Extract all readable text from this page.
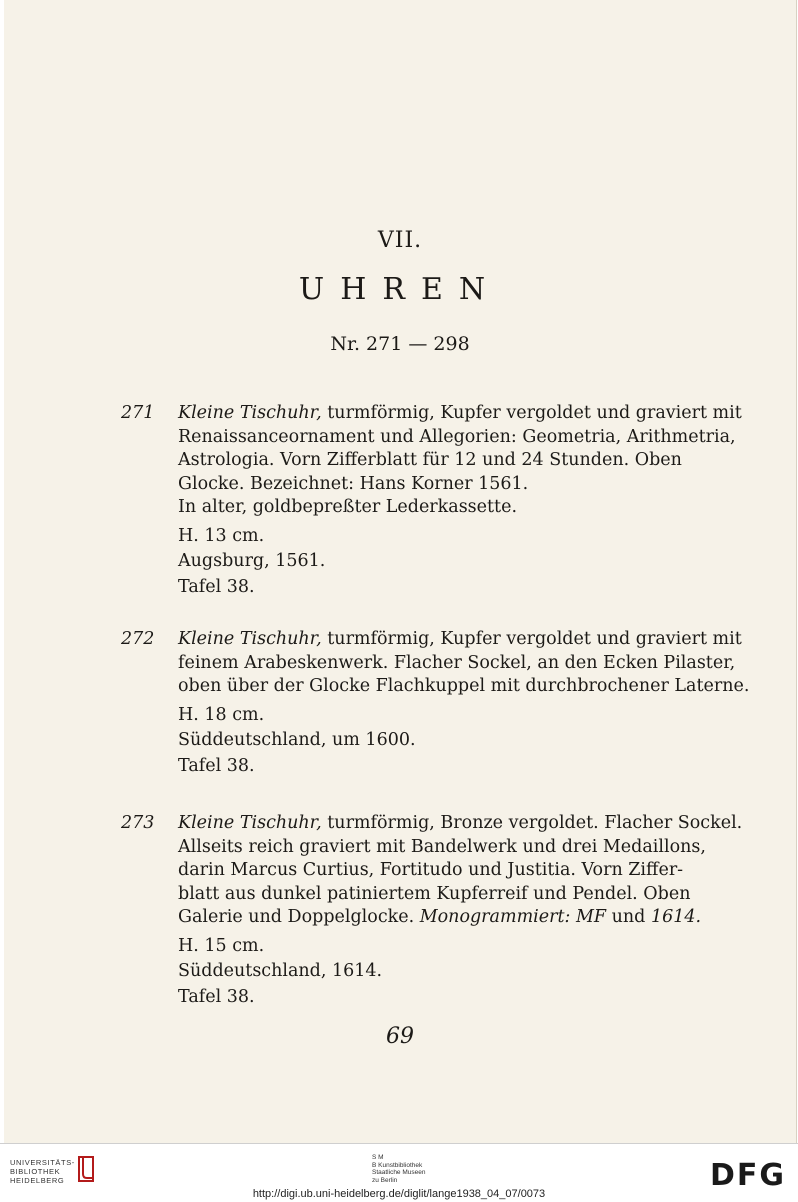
VII.
UHREN
Nr. 271 — 298
271 Kleine Tischuhr, turmförmig, Kupfer vergoldet und graviert mit
Renaissanceornament und Allegorien: Geometria, Arithmetria,
Astrologia. Vorn Zifferblatt für 12 und 24 Stunden. Oben
Glocke. Bezeichnet: Hans Korner 1561.
In alter, goldbepreßter Lederkassette.
H. 13 cm.
Augsburg, 1561.
Tafel 38.
272 Kleine Tischuhr, turmförmig, Kupfer vergoldet und graviert mit
feinem Arabeskenwerk. Flacher Sockel, an den Ecken Pilaster,
oben über der Glocke Flachkuppel mit durchbrochener Laterne.
H. 18 cm.
Süddeutschland, um 1600.
Tafel 38.
273 Kleine Tischuhr, turmförmig, Bronze vergoldet. Flacher Sockel.
Allseits reich graviert mit Bandelwerk und drei Medaillons,
darin Marcus Curtius, Fortitudo und Justitia. Vorn Ziffer-
blatt aus dunkel patiniertem Kupferreif und Pendel. Oben
Galerie und Doppelglocke. Monogrammiert: MF und 1614.
H. 15 cm.
Süddeutschland, 1614.
Tafel 38.
69
UNIVERSITÄTS-
BIBLIOTHEK
HEIDELBERG
S M
B Kunstbibliothek
Staatliche Museen
zu Berlin	DFG
http://digi.ub.uni-heidelberg.de/diglit/lange1938_04_07/0073
